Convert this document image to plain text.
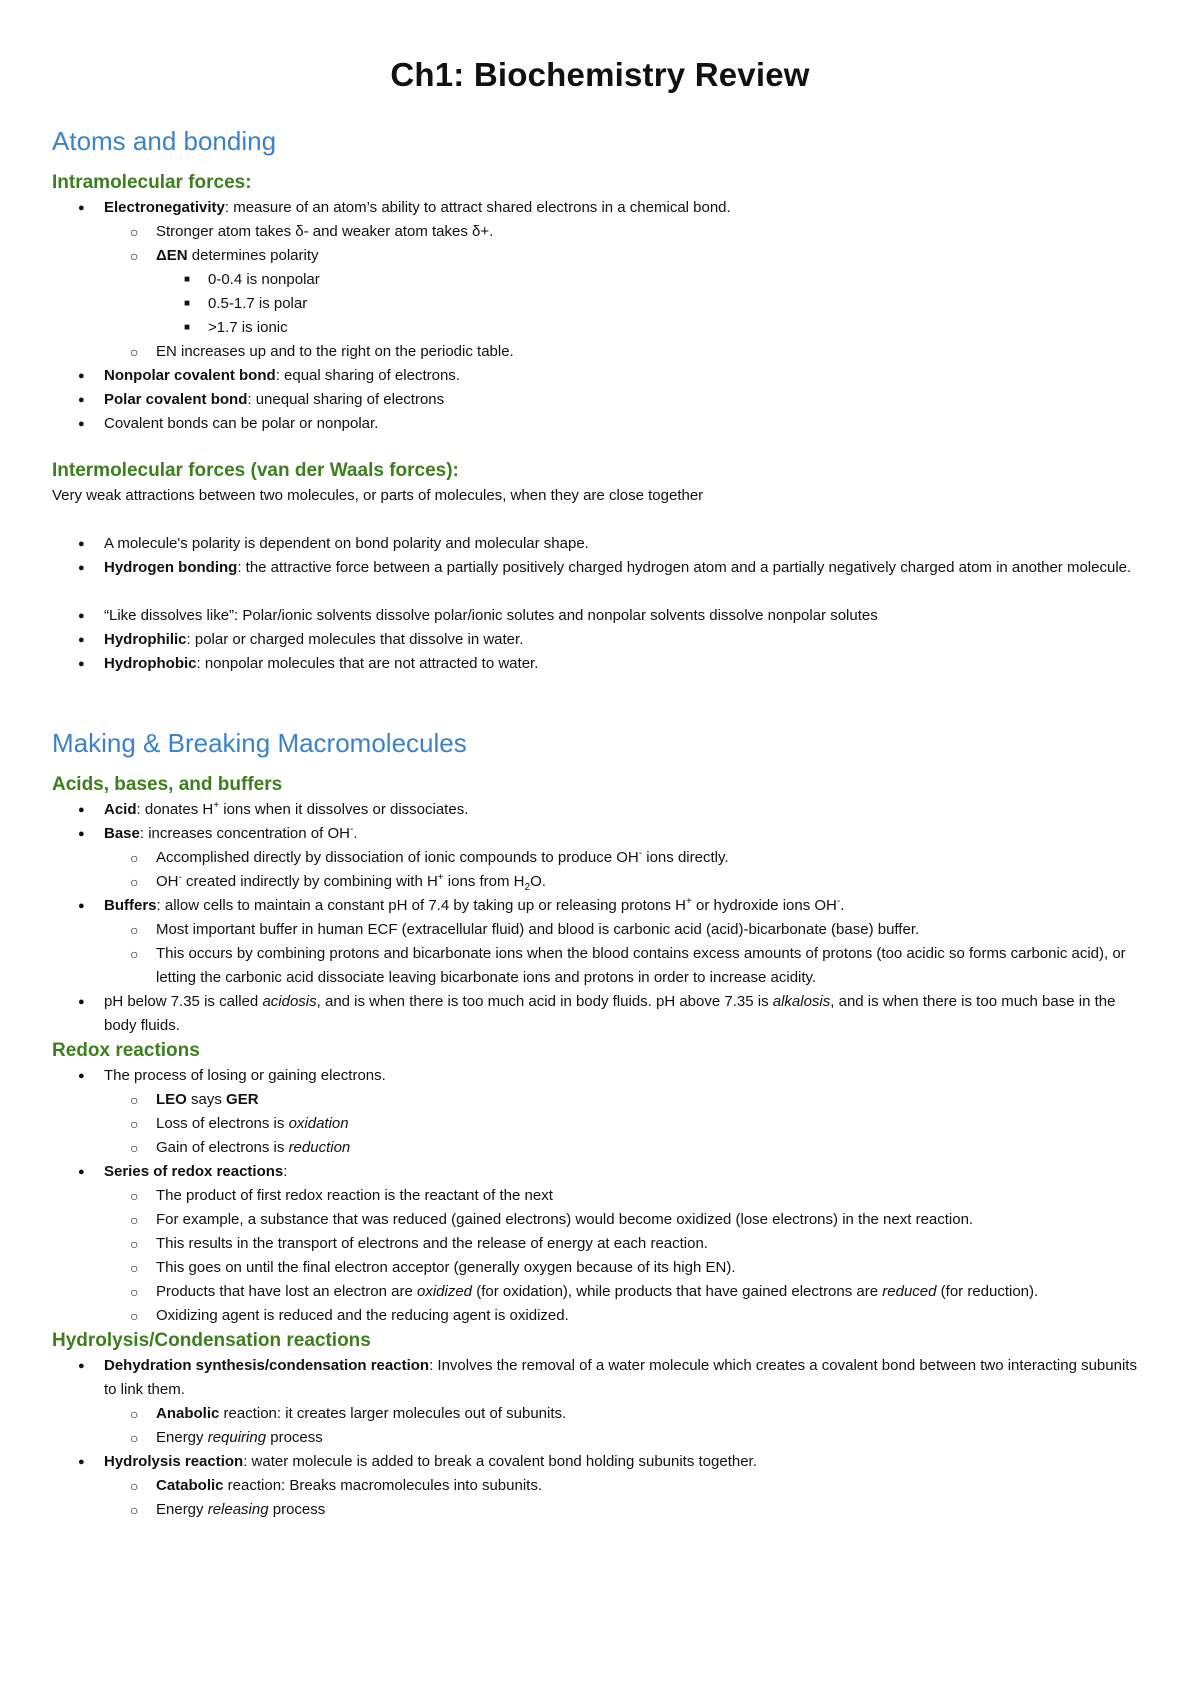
Ch1: Biochemistry Review
Atoms and bonding
Intramolecular forces:
● Electronegativity: measure of an atom’s ability to attract shared electrons in a chemical bond.
○ Stronger atom takes δ- and weaker atom takes δ+.
○ ΔEN determines polarity
■ 0-0.4 is nonpolar
■ 0.5-1.7 is polar
■ >1.7 is ionic
○ EN increases up and to the right on the periodic table.
● Nonpolar covalent bond: equal sharing of electrons.
● Polar covalent bond: unequal sharing of electrons
● Covalent bonds can be polar or nonpolar.
Intermolecular forces (van der Waals forces):

Very weak attractions between two molecules, or parts of molecules, when they are close together

● A molecule's polarity is dependent on bond polarity and molecular shape.
● Hydrogen bonding: the attractive force between a partially positively charged hydrogen atom and a partially negatively charged atom in another molecule.
● “Like dissolves like”: Polar/ionic solvents dissolve polar/ionic solutes and nonpolar solvents dissolve nonpolar solutes
● Hydrophilic: polar or charged molecules that dissolve in water.
● Hydrophobic: nonpolar molecules that are not attracted to water.
Making & Breaking Macromolecules
Acids, bases, and buffers
● Acid: donates H+ ions when it dissolves or dissociates.
● Base: increases concentration of OH-.
○ Accomplished directly by dissociation of ionic compounds to produce OH- ions directly.
○ OH- created indirectly by combining with H+ ions from $H_2O$.
● Buffers: allow cells to maintain a constant pH of 7.4 by taking up or releasing protons H+ or hydroxide ions OH-.
○ Most important buffer in human ECF (extracellular fluid) and blood is carbonic acid (acid)-bicarbonate (base) buffer.
○ This occurs by combining protons and bicarbonate ions when the blood contains excess amounts of protons (too acidic so forms carbonic acid), or letting the carbonic acid dissociate leaving bicarbonate ions and protons in order to increase acidity.
● pH below 7.35 is called acidosis, and is when there is too much acid in body fluids. pH above 7.35 is alkalosis, and is when there is too much base in the body fluids.
Redox reactions
● The process of losing or gaining electrons.
○ LEO says GER
○ Loss of electrons is oxidation
○ Gain of electrons is reduction
● Series of redox reactions:
○ The product of first redox reaction is the reactant of the next
○ For example, a substance that was reduced (gained electrons) would become oxidized (lose electrons) in the next reaction.
○ This results in the transport of electrons and the release of energy at each reaction.
○ This goes on until the final electron acceptor (generally oxygen because of its high EN).
○ Products that have lost an electron are oxidized (for oxidation), while products that have gained electrons are reduced (for reduction).
○ Oxidizing agent is reduced and the reducing agent is oxidized.
Hydrolysis/Condensation reactions
● Dehydration synthesis/condensation reaction: Involves the removal of a water molecule which creates a covalent bond between two interacting subunits to link them.
○ Anabolic reaction: it creates larger molecules out of subunits.
○ Energy requiring process
● Hydrolysis reaction: water molecule is added to break a covalent bond holding subunits together.
○ Catabolic reaction: Breaks macromolecules into subunits.
○ Energy releasing process
